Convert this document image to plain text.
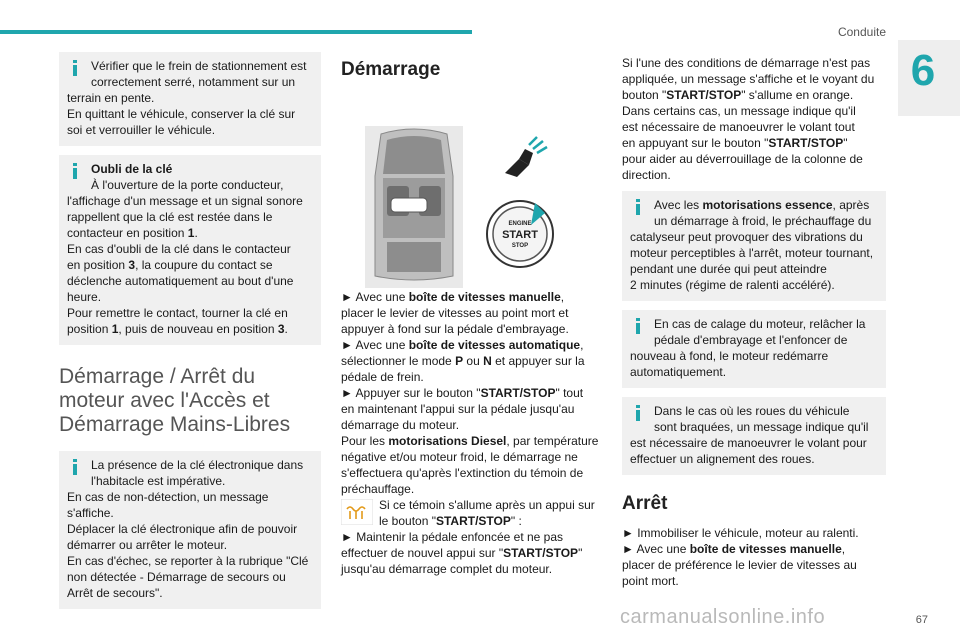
Conduite
6
Vérifier que le frein de stationnement est
correctement serré, notamment sur un
terrain en pente.
En quittant le véhicule, conserver la clé sur
soi et verrouiller le véhicule.
Oubli de la clé
À l'ouverture de la porte conducteur,
l'affichage d'un message et un signal sonore
rappellent que la clé est restée dans le
contacteur en position 1.
En cas d'oubli de la clé dans le contacteur
en position 3, la coupure du contact se
déclenche automatiquement au bout d'une
heure.
Pour remettre le contact, tourner la clé en
position 1, puis de nouveau en position 3.
Démarrage / Arrêt du
moteur avec l'Accès et
Démarrage Mains-Libres
La présence de la clé électronique dans
l'habitacle est impérative.
En cas de non-détection, un message
s'affiche.
Déplacer la clé électronique afin de pouvoir
démarrer ou arrêter le moteur.
En cas d'échec, se reporter à la rubrique "Clé
non détectée - Démarrage de secours ou
Arrêt de secours".
Démarrage
ENGINE
START
STOP
► Avec une boîte de vitesses manuelle,
placer le levier de vitesses au point mort et
appuyer à fond sur la pédale d'embrayage.
► Avec une boîte de vitesses automatique,
sélectionner le mode P ou N et appuyer sur la
pédale de frein.
► Appuyer sur le bouton "START/STOP" tout
en maintenant l'appui sur la pédale jusqu'au
démarrage du moteur.
Pour les motorisations Diesel, par température
négative et/ou moteur froid, le démarrage ne
s'effectuera qu'après l'extinction du témoin de
préchauffage.
Si ce témoin s'allume après un appui sur
le bouton "START/STOP" :
► Maintenir la pédale enfoncée et ne pas
effectuer de nouvel appui sur "START/STOP"
jusqu'au démarrage complet du moteur.
Si l'une des conditions de démarrage n'est pas
appliquée, un message s'affiche et le voyant du
bouton "START/STOP" s'allume en orange.
Dans certains cas, un message indique qu'il
est nécessaire de manoeuvrer le volant tout
en appuyant sur le bouton "START/STOP"
pour aider au déverrouillage de la colonne de
direction.
Avec les motorisations essence, après
un démarrage à froid, le préchauffage du
catalyseur peut provoquer des vibrations du
moteur perceptibles à l'arrêt, moteur tournant,
pendant une durée qui peut atteindre
2 minutes (régime de ralenti accéléré).
En cas de calage du moteur, relâcher la
pédale d'embrayage et l'enfoncer de
nouveau à fond, le moteur redémarre
automatiquement.
Dans le cas où les roues du véhicule
sont braquées, un message indique qu'il
est nécessaire de manoeuvrer le volant pour
effectuer un alignement des roues.
Arrêt
► Immobiliser le véhicule, moteur au ralenti.
► Avec une boîte de vitesses manuelle,
placer de préférence le levier de vitesses au
point mort.
carmanualsonline.info	67
